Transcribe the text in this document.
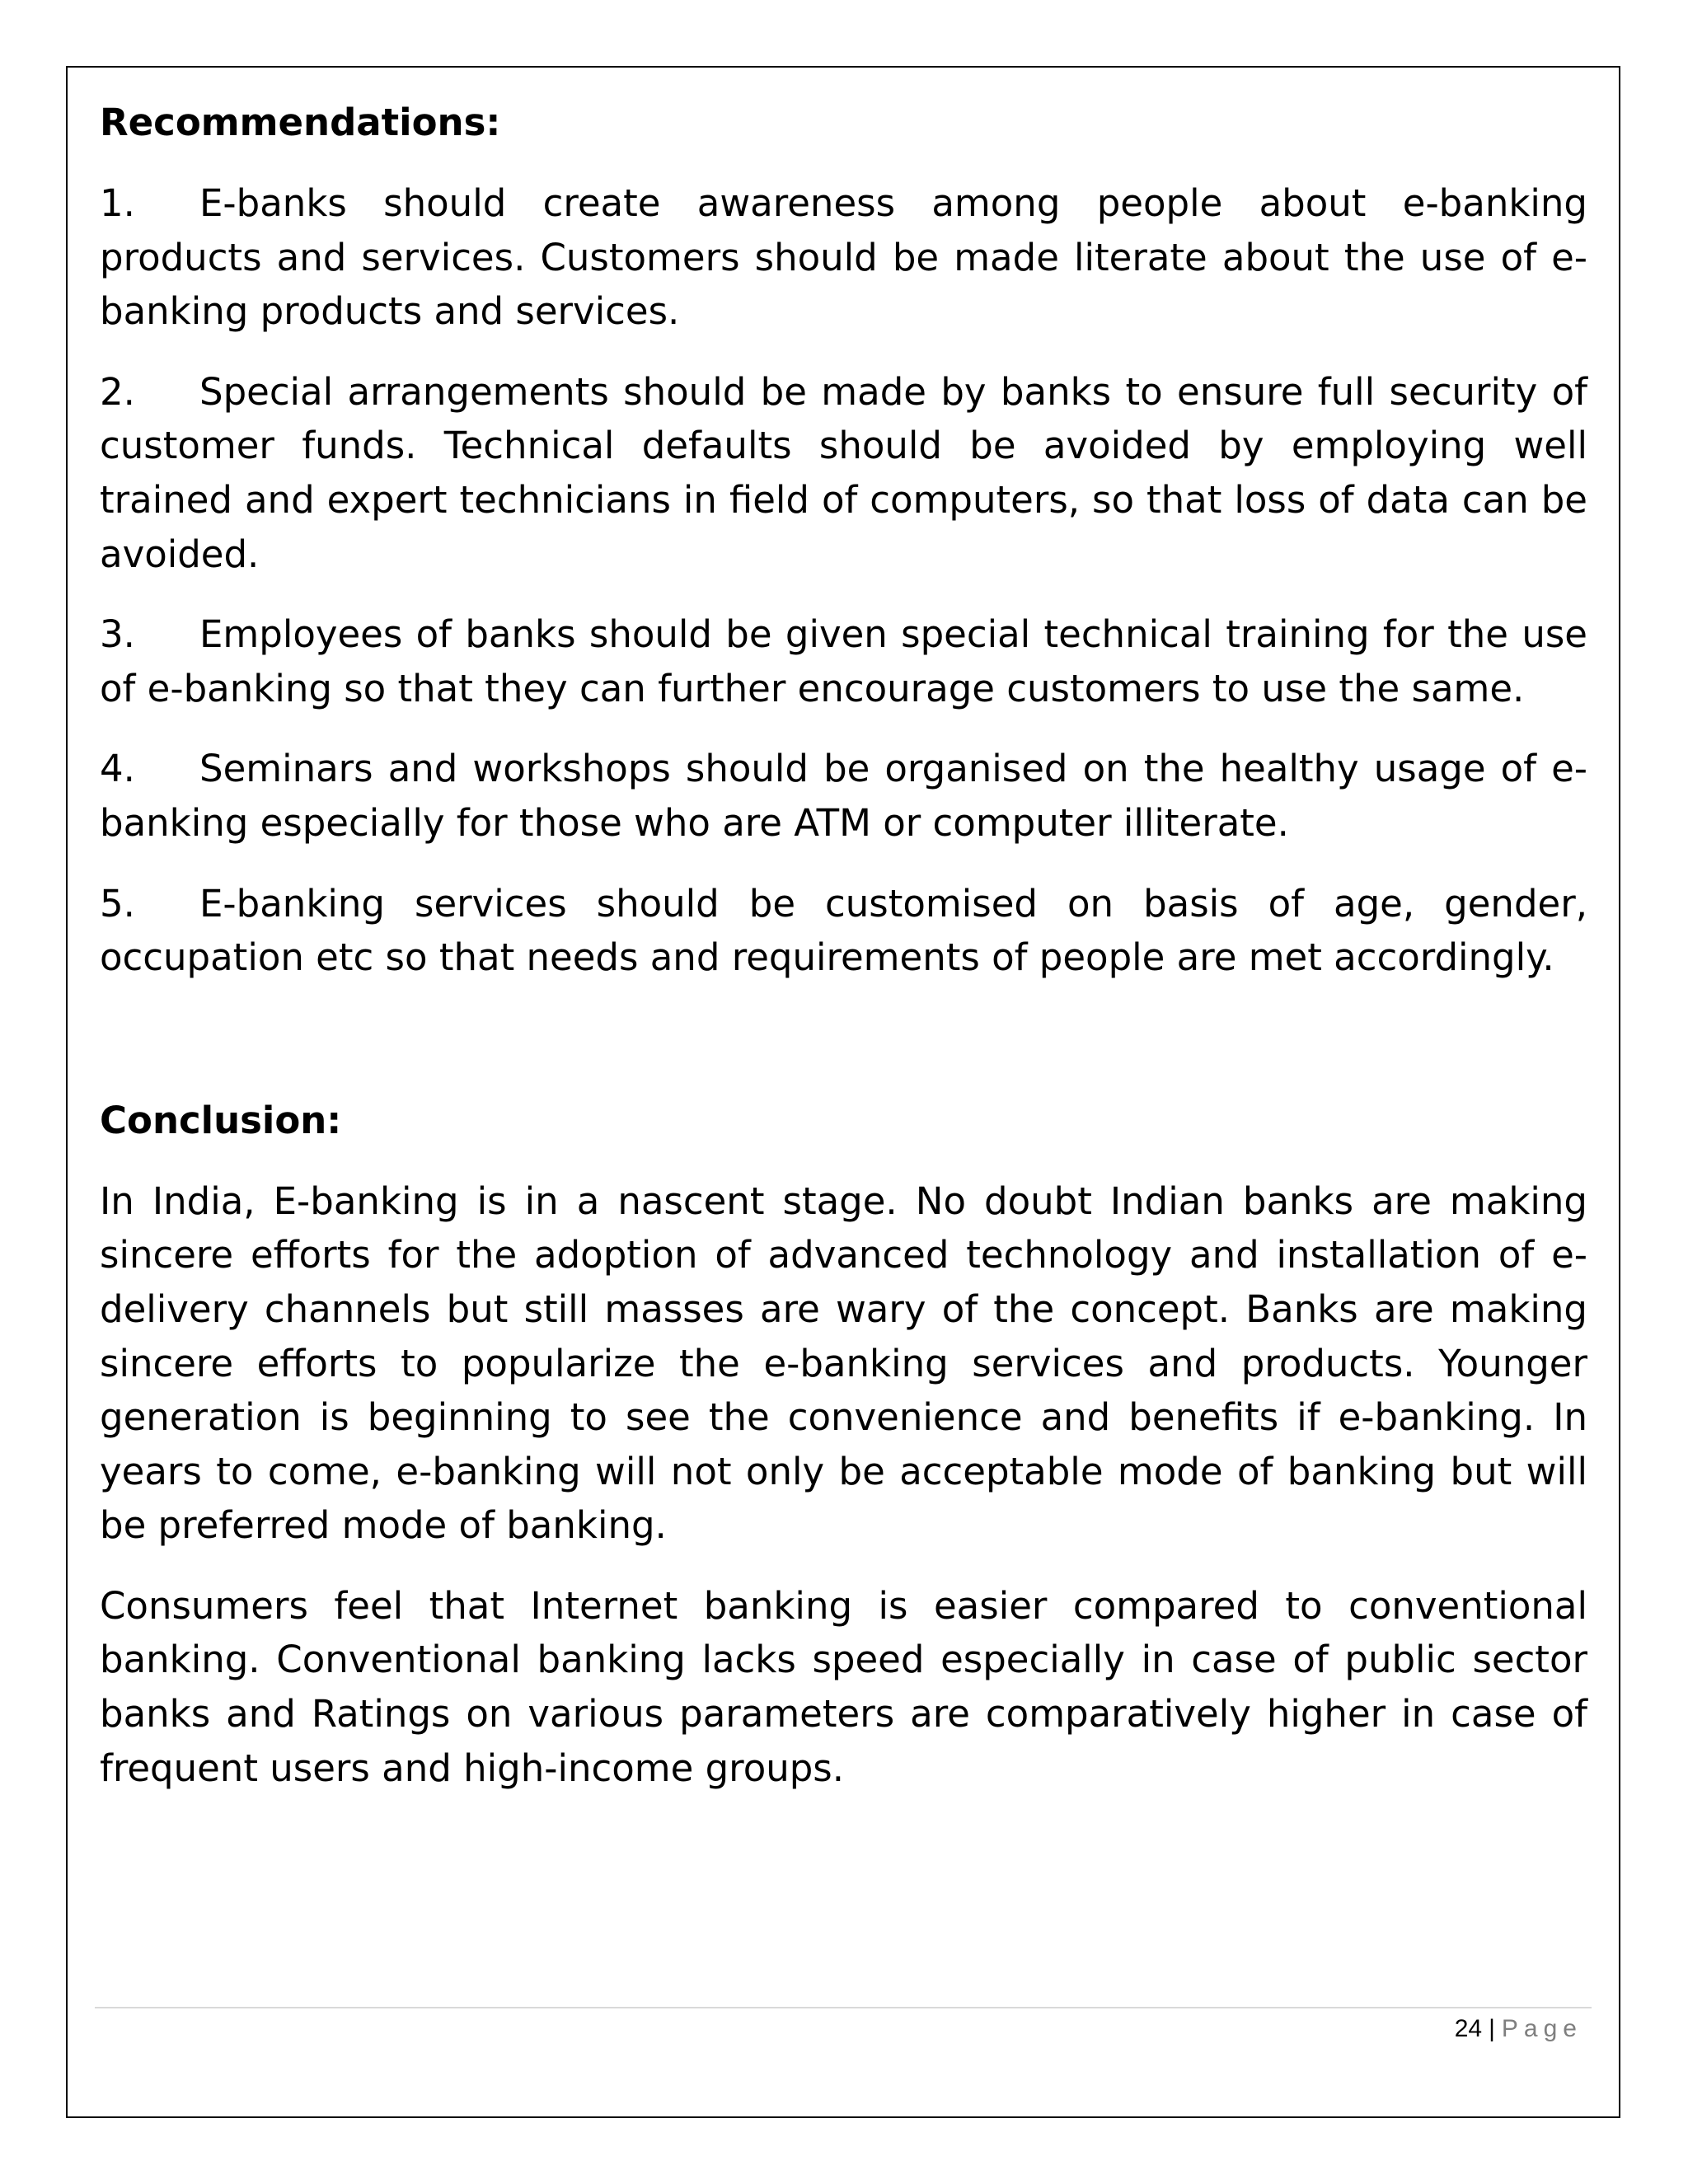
Recommendations:

1. E-banks should create awareness among people about e-banking products and services. Customers should be made literate about the use of e-banking products and services.

2. Special arrangements should be made by banks to ensure full security of customer funds. Technical defaults should be avoided by employing well trained and expert technicians in field of computers, so that loss of data can be avoided.

3. Employees of banks should be given special technical training for the use of e-banking so that they can further encourage customers to use the same.

4. Seminars and workshops should be organised on the healthy usage of e-banking especially for those who are ATM or computer illiterate.

5. E-banking services should be customised on basis of age, gender, occupation etc so that needs and requirements of people are met accordingly.

Conclusion:

In India, E-banking is in a nascent stage. No doubt Indian banks are making sincere efforts for the adoption of advanced technology and installation of e-delivery channels but still masses are wary of the concept. Banks are making sincere efforts to popularize the e-banking services and products. Younger generation is beginning to see the convenience and benefits if e-banking. In years to come, e-banking will not only be acceptable mode of banking but will be preferred mode of banking.

Consumers feel that Internet banking is easier compared to conventional banking. Conventional banking lacks speed especially in case of public sector banks and Ratings on various parameters are comparatively higher in case of frequent users and high-income groups.

24 | Page
